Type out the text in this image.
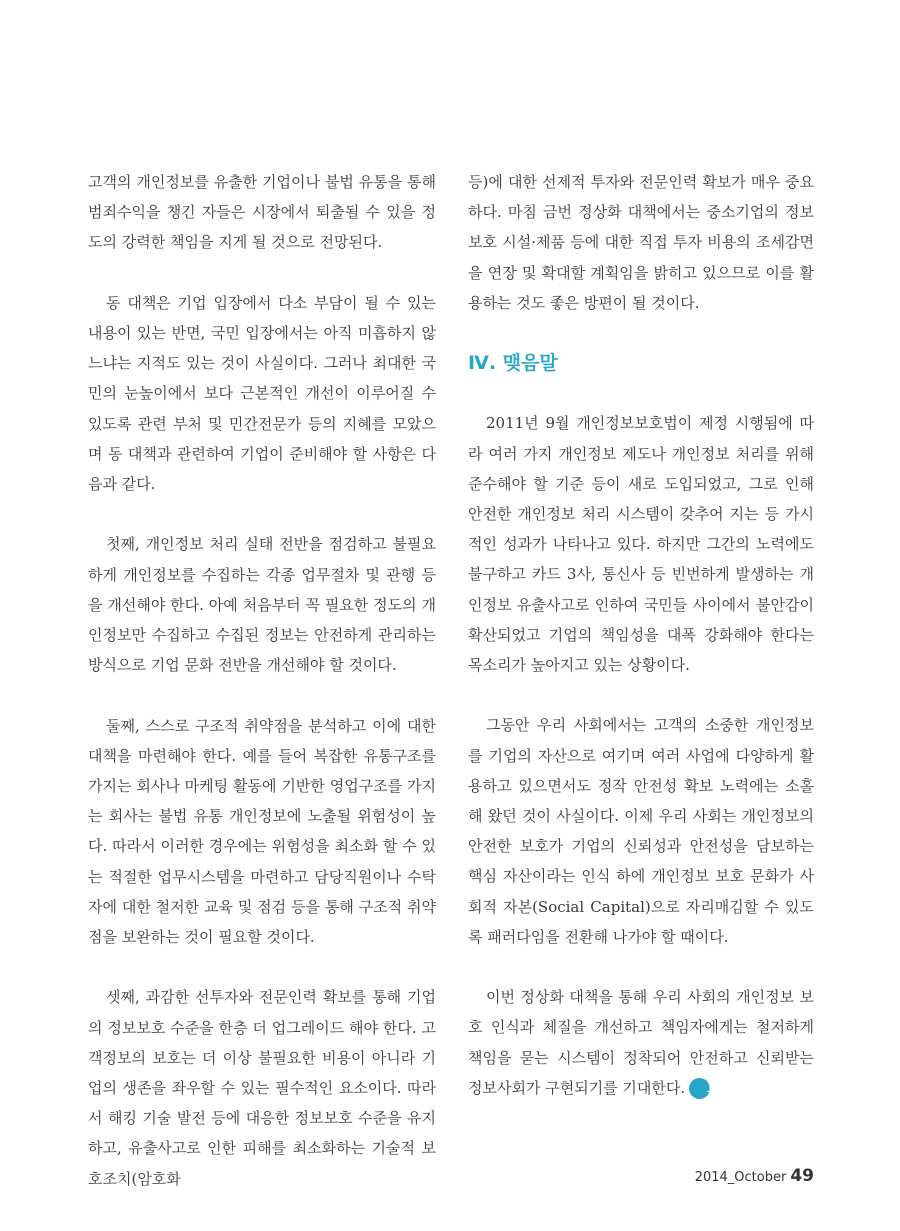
고객의 개인정보를 유출한 기업이나 불법 유통을 통해 범죄수익을 챙긴 자들은 시장에서 퇴출될 수 있을 정도의 강력한 책임을 지게 될 것으로 전망된다.

동 대책은 기업 입장에서 다소 부담이 될 수 있는 내용이 있는 반면, 국민 입장에서는 아직 미흡하지 않느냐는 지적도 있는 것이 사실이다. 그러나 최대한 국민의 눈높이에서 보다 근본적인 개선이 이루어질 수 있도록 관련 부처 및 민간전문가 등의 지혜를 모았으며 동 대책과 관련하여 기업이 준비해야 할 사항은 다음과 같다.

첫째, 개인정보 처리 실태 전반을 점검하고 불필요하게 개인정보를 수집하는 각종 업무절차 및 관행 등을 개선해야 한다. 아예 처음부터 꼭 필요한 정도의 개인정보만 수집하고 수집된 정보는 안전하게 관리하는 방식으로 기업 문화 전반을 개선해야 할 것이다.

둘째, 스스로 구조적 취약점을 분석하고 이에 대한 대책을 마련해야 한다. 예를 들어 복잡한 유통구조를 가지는 회사나 마케팅 활동에 기반한 영업구조를 가지는 회사는 불법 유통 개인정보에 노출될 위험성이 높다. 따라서 이러한 경우에는 위험성을 최소화 할 수 있는 적절한 업무시스템을 마련하고 담당직원이나 수탁자에 대한 철저한 교육 및 점검 등을 통해 구조적 취약점을 보완하는 것이 필요할 것이다.

셋째, 과감한 선투자와 전문인력 확보를 통해 기업의 정보보호 수준을 한층 더 업그레이드 해야 한다. 고객정보의 보호는 더 이상 불필요한 비용이 아니라 기업의 생존을 좌우할 수 있는 필수적인 요소이다. 따라서 해킹 기술 발전 등에 대응한 정보보호 수준을 유지하고, 유출사고로 인한 피해를 최소화하는 기술적 보호조치(암호화

등)에 대한 선제적 투자와 전문인력 확보가 매우 중요하다. 마침 금번 정상화 대책에서는 중소기업의 정보보호 시설·제품 등에 대한 직접 투자 비용의 조세감면을 연장 및 확대할 계획임을 밝히고 있으므로 이를 활용하는 것도 좋은 방편이 될 것이다.

Ⅳ. 맺음말

2011년 9월 개인정보보호법이 제정 시행됨에 따라 여러 가지 개인정보 제도나 개인정보 처리를 위해 준수해야 할 기준 등이 새로 도입되었고, 그로 인해 안전한 개인정보 처리 시스템이 갖추어 지는 등 가시적인 성과가 나타나고 있다. 하지만 그간의 노력에도 불구하고 카드 3사, 통신사 등 빈번하게 발생하는 개인정보 유출사고로 인하여 국민들 사이에서 불안감이 확산되었고 기업의 책임성을 대폭 강화해야 한다는 목소리가 높아지고 있는 상황이다.

그동안 우리 사회에서는 고객의 소중한 개인정보를 기업의 자산으로 여기며 여러 사업에 다양하게 활용하고 있으면서도 정작 안전성 확보 노력에는 소홀해 왔던 것이 사실이다. 이제 우리 사회는 개인정보의 안전한 보호가 기업의 신뢰성과 안전성을 담보하는 핵심 자산이라는 인식 하에 개인정보 보호 문화가 사회적 자본(Social Capital)으로 자리매김할 수 있도록 패러다임을 전환해 나가야 할 때이다.

이번 정상화 대책을 통해 우리 사회의 개인정보 보호 인식과 체질을 개선하고 책임자에게는 철저하게 책임을 묻는 시스템이 정착되어 안전하고 신뢰받는 정보사회가 구현되기를 기대한다. 보

2014_October 49
